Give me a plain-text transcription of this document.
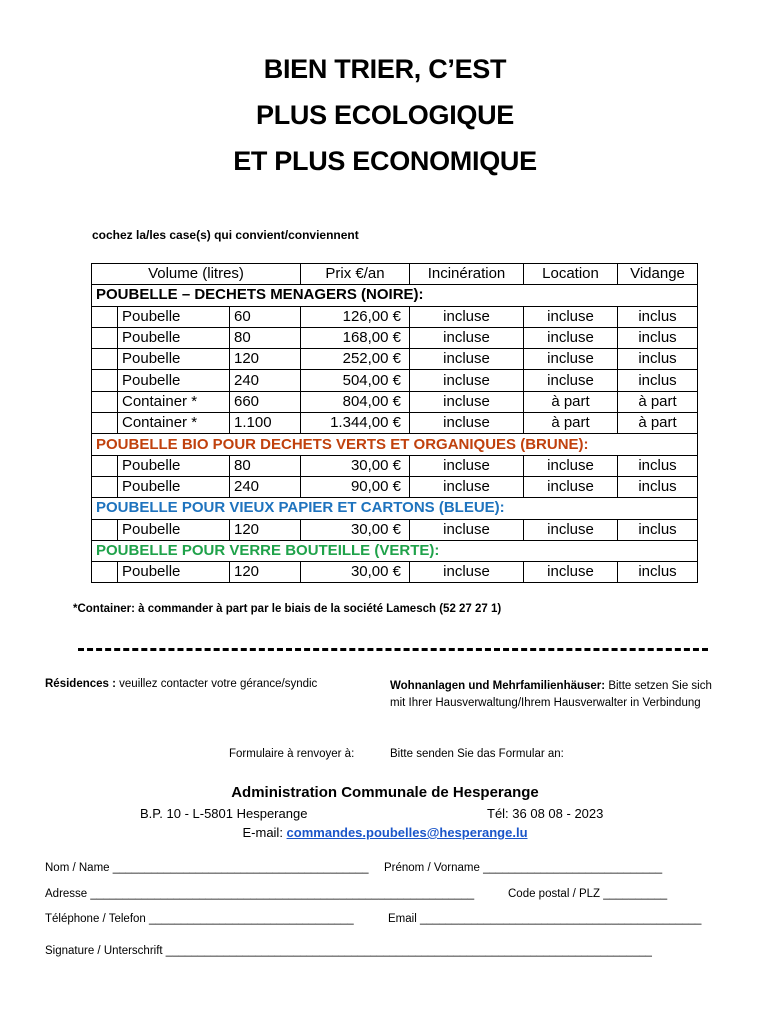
BIEN TRIER, C’EST
PLUS ECOLOGIQUE
ET PLUS ECONOMIQUE
cochez la/les case(s) qui convient/conviennent
Volume (litres)			Prix €/an	Incinération	Location	Vidange
POUBELLE – DECHETS MENAGERS (NOIRE):						
	Poubelle	60	126,00 €	incluse	incluse	inclus
	Poubelle	80	168,00 €	incluse	incluse	inclus
	Poubelle	120	252,00 €	incluse	incluse	inclus
	Poubelle	240	504,00 €	incluse	incluse	inclus
	Container *	660	804,00 €	incluse	à part	à part
	Container *	1.100	1.344,00 €	incluse	à part	à part
POUBELLE BIO POUR DECHETS VERTS ET ORGANIQUES (BRUNE):						
	Poubelle	80	30,00 €	incluse	incluse	inclus
	Poubelle	240	90,00 €	incluse	incluse	inclus
POUBELLE POUR VIEUX PAPIER ET CARTONS (BLEUE):						
	Poubelle	120	30,00 €	incluse	incluse	inclus
POUBELLE POUR VERRE BOUTEILLE (VERTE):						
	Poubelle	120	30,00 €	incluse	incluse	inclus
*Container: à commander à part par le biais de la société Lamesch (52 27 27 1)
Résidences : veuillez contacter votre gérance/syndic	Wohnanlagen und Mehrfamilienhäuser: Bitte setzen Sie sich mit Ihrer Hausverwaltung/Ihrem Hausverwalter in Verbindung
Formulaire à renvoyer à:	Bitte senden Sie das Formular an:
Administration Communale de Hesperange
B.P. 10 - L-5801 Hesperange	Tél: 36 08 08 - 2023
E-mail: commandes.poubelles@hesperange.lu
Nom / Name ________________________________________ Prénom / Vorname ____________________________
Adresse ____________________________________________________________	Code postal / PLZ __________
Téléphone / Telefon ________________________________	Email ____________________________________________
Signature / Unterschrift ____________________________________________________________________________
